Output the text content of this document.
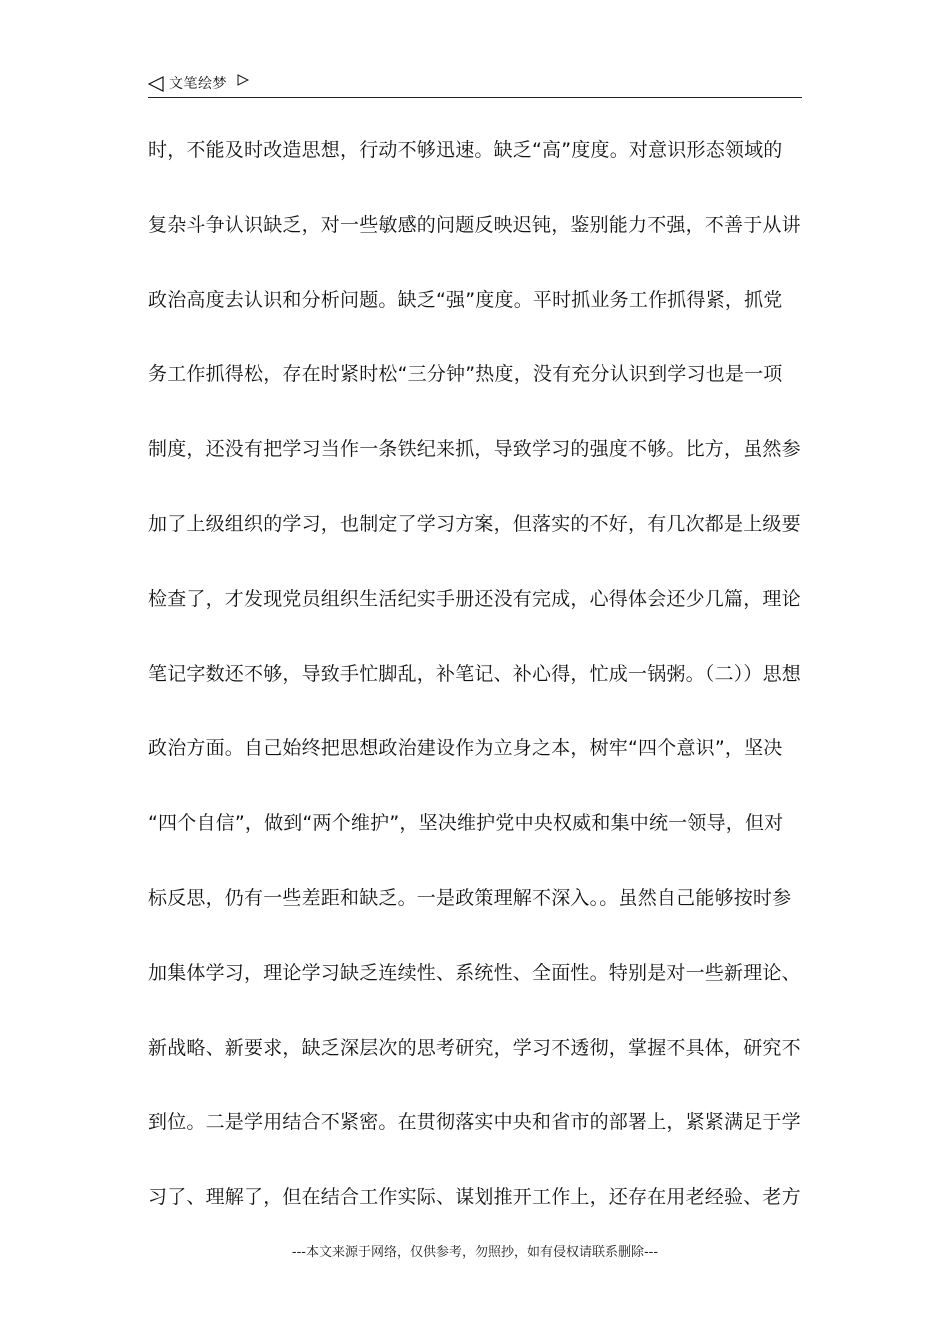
文笔绘梦
时，不能及时改造思想，行动不够迅速。缺乏“高”度度。对意识形态领域的
复杂斗争认识缺乏，对一些敏感的问题反映迟钝，鉴别能力不强，不善于从讲
政治高度去认识和分析问题。缺乏“强”度度。平时抓业务工作抓得紧，抓党
务工作抓得松，存在时紧时松“三分钟”热度，没有充分认识到学习也是一项
制度，还没有把学习当作一条铁纪来抓，导致学习的强度不够。比方，虽然参
加了上级组织的学习，也制定了学习方案，但落实的不好，有几次都是上级要
检查了，才发现党员组织生活纪实手册还没有完成，心得体会还少几篇，理论
笔记字数还不够，导致手忙脚乱，补笔记、补心得，忙成一锅粥。（二））思想
政治方面。自己始终把思想政治建设作为立身之本，树牢“四个意识”，坚决
“四个自信”，做到“两个维护”，坚决维护党中央权威和集中统一领导，但对
标反思，仍有一些差距和缺乏。一是政策理解不深入。。虽然自己能够按时参
加集体学习，理论学习缺乏连续性、系统性、全面性。特别是对一些新理论、
新战略、新要求，缺乏深层次的思考研究，学习不透彻，掌握不具体，研究不
到位。二是学用结合不紧密。在贯彻落实中央和省市的部署上，紧紧满足于学
习了、理解了，但在结合工作实际、谋划推开工作上，还存在用老经验、老方
---本文来源于网络，仅供参考，勿照抄，如有侵权请联系删除---
